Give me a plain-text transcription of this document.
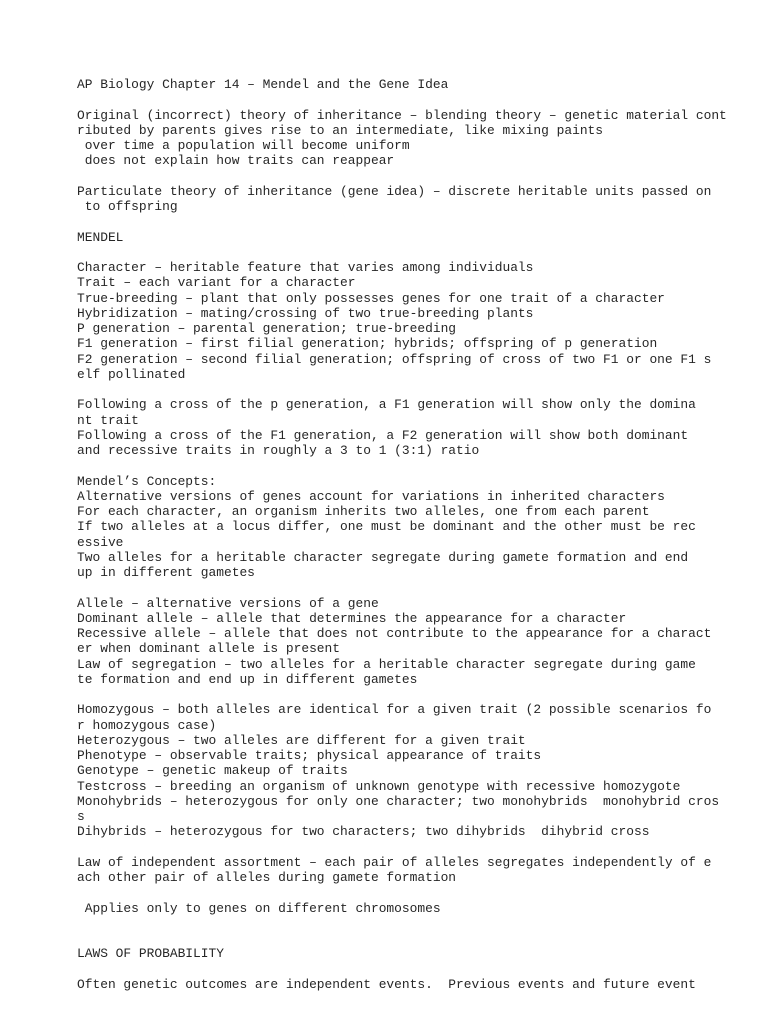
AP Biology Chapter 14 – Mendel and the Gene Idea
Original (incorrect) theory of inheritance – blending theory – genetic material cont
ributed by parents gives rise to an intermediate, like mixing paints
over time a population will become uniform
does not explain how traits can reappear
Particulate theory of inheritance (gene idea) – discrete heritable units passed on
to offspring
MENDEL
Character – heritable feature that varies among individuals
Trait – each variant for a character
True-breeding – plant that only possesses genes for one trait of a character
Hybridization – mating/crossing of two true-breeding plants
P generation – parental generation; true-breeding
F1 generation – first filial generation; hybrids; offspring of p generation
F2 generation – second filial generation; offspring of cross of two F1 or one F1 s
elf pollinated
Following a cross of the p generation, a F1 generation will show only the domina
nt trait
Following a cross of the F1 generation, a F2 generation will show both dominant
and recessive traits in roughly a 3 to 1 (3:1) ratio
Mendel’s Concepts:
Alternative versions of genes account for variations in inherited characters
For each character, an organism inherits two alleles, one from each parent
If two alleles at a locus differ, one must be dominant and the other must be rec
essive
Two alleles for a heritable character segregate during gamete formation and end
up in different gametes
Allele – alternative versions of a gene
Dominant allele – allele that determines the appearance for a character
Recessive allele – allele that does not contribute to the appearance for a charact
er when dominant allele is present
Law of segregation – two alleles for a heritable character segregate during game
te formation and end up in different gametes
Homozygous – both alleles are identical for a given trait (2 possible scenarios fo
r homozygous case)
Heterozygous – two alleles are different for a given trait
Phenotype – observable traits; physical appearance of traits
Genotype – genetic makeup of traits
Testcross – breeding an organism of unknown genotype with recessive homozygote
Monohybrids – heterozygous for only one character; two monohybrids  monohybrid cros
s
Dihybrids – heterozygous for two characters; two dihybrids  dihybrid cross
Law of independent assortment – each pair of alleles segregates independently of e
ach other pair of alleles during gamete formation
Applies only to genes on different chromosomes
LAWS OF PROBABILITY
Often genetic outcomes are independent events.  Previous events and future event
